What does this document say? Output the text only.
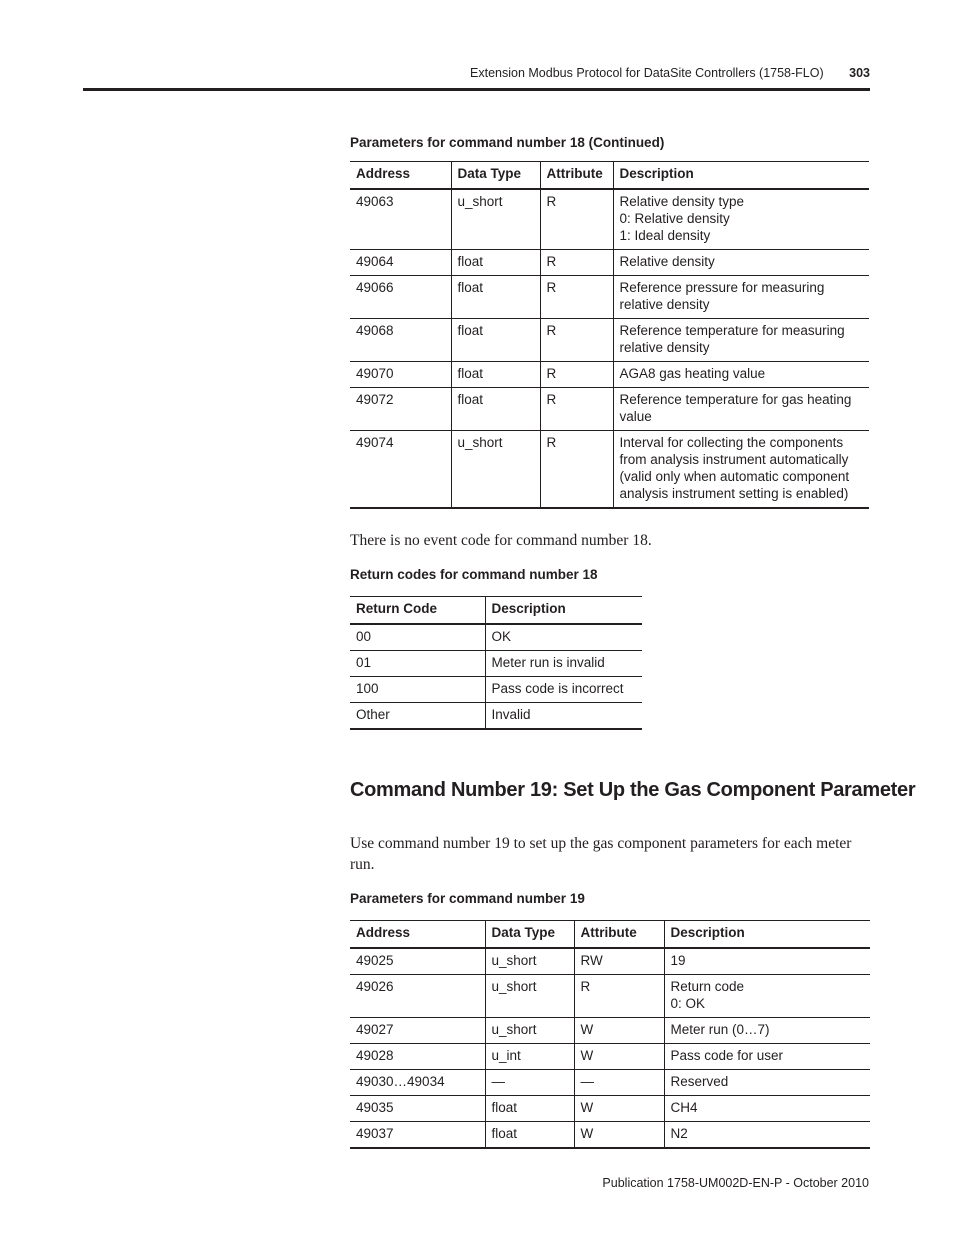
Extension Modbus Protocol for DataSite Controllers (1758-FLO) 303
Parameters for command number 18 (Continued)
Address	Data Type	Attribute	Description
49063	u_short	R	Relative density type
0: Relative density
1: Ideal density
49064	float	R	Relative density
49066	float	R	Reference pressure for measuring relative density
49068	float	R	Reference temperature for measuring relative density
49070	float	R	AGA8 gas heating value
49072	float	R	Reference temperature for gas heating value
49074	u_short	R	Interval for collecting the components from analysis instrument automatically (valid only when automatic component analysis instrument setting is enabled)
There is no event code for command number 18.
Return codes for command number 18
Return Code	Description
00	OK
01	Meter run is invalid
100	Pass code is incorrect
Other	Invalid
Command Number 19: Set Up the Gas Component Parameter
Use command number 19 to set up the gas component parameters for each meter run.
Parameters for command number 19
Address	Data Type	Attribute	Description
49025	u_short	RW	19
49026	u_short	R	Return code
0: OK
49027	u_short	W	Meter run (0…7)
49028	u_int	W	Pass code for user
49030…49034	—	—	Reserved
49035	float	W	CH4
49037	float	W	N2
Publication 1758-UM002D-EN-P - October 2010
